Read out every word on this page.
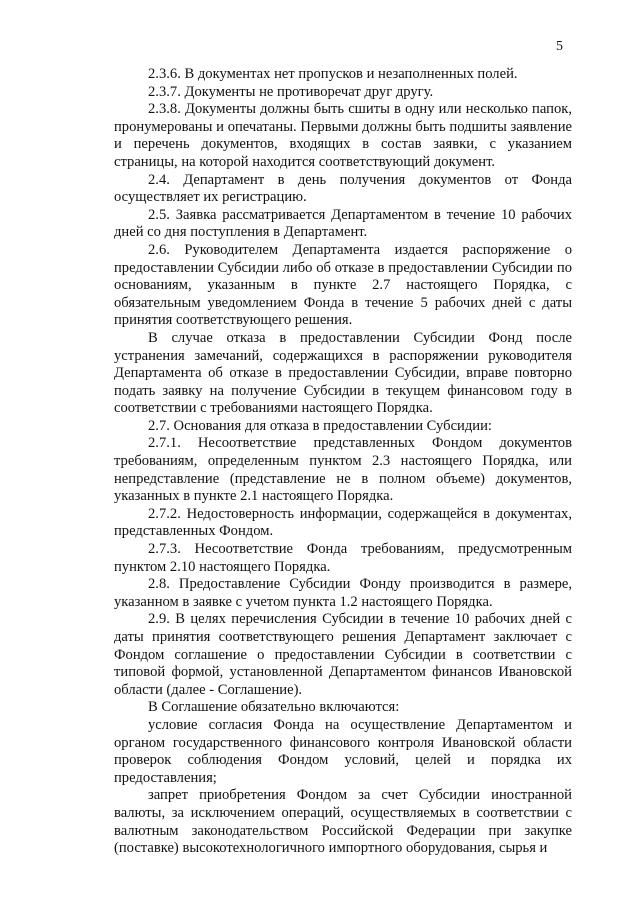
5

2.3.6. В документах нет пропусков и незаполненных полей.

2.3.7. Документы не противоречат друг другу.

2.3.8. Документы должны быть сшиты в одну или несколько папок, пронумерованы и опечатаны. Первыми должны быть подшиты заявление и перечень документов, входящих в состав заявки, с указанием страницы, на которой находится соответствующий документ.

2.4. Департамент в день получения документов от Фонда осуществляет их регистрацию.

2.5. Заявка рассматривается Департаментом в течение 10 рабочих дней со дня поступления в Департамент.

2.6. Руководителем Департамента издается распоряжение о предоставлении Субсидии либо об отказе в предоставлении Субсидии по основаниям, указанным в пункте 2.7 настоящего Порядка, с обязательным уведомлением Фонда в течение 5 рабочих дней с даты принятия соответствующего решения.

В случае отказа в предоставлении Субсидии Фонд после устранения замечаний, содержащихся в распоряжении руководителя Департамента об отказе в предоставлении Субсидии, вправе повторно подать заявку на получение Субсидии в текущем финансовом году в соответствии с требованиями настоящего Порядка.

2.7. Основания для отказа в предоставлении Субсидии:

2.7.1. Несоответствие представленных Фондом документов требованиям, определенным пунктом 2.3 настоящего Порядка, или непредставление (представление не в полном объеме) документов, указанных в пункте 2.1 настоящего Порядка.

2.7.2. Недостоверность информации, содержащейся в документах, представленных Фондом.

2.7.3. Несоответствие Фонда требованиям, предусмотренным пунктом 2.10 настоящего Порядка.

2.8. Предоставление Субсидии Фонду производится в размере, указанном в заявке с учетом пункта 1.2 настоящего Порядка.

2.9. В целях перечисления Субсидии в течение 10 рабочих дней с даты принятия соответствующего решения Департамент заключает с Фондом соглашение о предоставлении Субсидии в соответствии с типовой формой, установленной Департаментом финансов Ивановской области (далее - Соглашение).

В Соглашение обязательно включаются:

условие согласия Фонда на осуществление Департаментом и органом государственного финансового контроля Ивановской области проверок соблюдения Фондом условий, целей и порядка их предоставления;

запрет приобретения Фондом за счет Субсидии иностранной валюты, за исключением операций, осуществляемых в соответствии с валютным законодательством Российской Федерации при закупке (поставке) высокотехнологичного импортного оборудования, сырья и
